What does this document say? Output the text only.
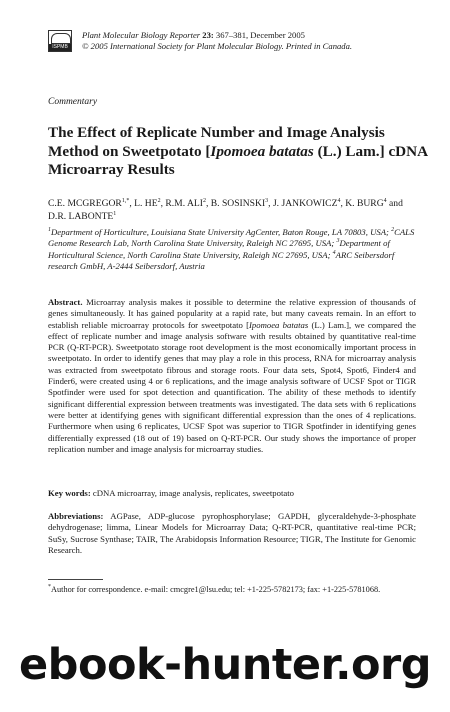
ISPMB
Plant Molecular Biology Reporter 23: 367–381, December 2005
© 2005 International Society for Plant Molecular Biology. Printed in Canada.
Commentary
The Effect of Replicate Number and Image Analysis Method on Sweetpotato [Ipomoea batatas (L.) Lam.] cDNA Microarray Results
C.E. $MCGREGOR^{1,*}$, L. $HE^2$, R.M. ALI$^2$, B. SOSINSKI$^3$, J. JANKOWICZ$^4$, K. BURG$^4$ and D.R. LABONTE$^1$
$^1$Department of Horticulture, Louisiana State University AgCenter, Baton Rouge, LA 70803, USA; $^2$CALS Genome Research Lab, North Carolina State University, Raleigh NC 27695, USA; $^3$Department of Horticultural Science, North Carolina State University, Raleigh NC 27695, USA; $^4$ARC Seibersdorf research GmbH, A-2444 Seibersdorf, Austria
Abstract. Microarray analysis makes it possible to determine the relative expression of thousands of genes simultaneously. It has gained popularity at a rapid rate, but many caveats remain. In an effort to establish reliable microarray protocols for sweetpotato [Ipomoea batatas (L.) Lam.], we compared the effect of replicate number and image analysis software with results obtained by quantitative real-time PCR (Q-RT-PCR). Sweetpotato storage root development is the most economically important process in sweetpotato. In order to identify genes that may play a role in this process, RNA for microarray analysis was extracted from sweetpotato fibrous and storage roots. Four data sets, Spot4, Spot6, Finder4 and Finder6, were created using 4 or 6 replications, and the image analysis software of UCSF Spot or TIGR Spotfinder were used for spot detection and quantification. The ability of these methods to identify significant differential expression between treatments was investigated. The data sets with 6 replications were better at identifying genes with significant differential expression than the ones of 4 replications. Furthermore when using 6 replicates, UCSF Spot was superior to TIGR Spotfinder in identifying genes differentially expressed (18 out of 19) based on Q-RT-PCR. Our study shows the importance of proper replication number and image analysis for microarray studies.
Key words: cDNA microarray, image analysis, replicates, sweetpotato
Abbreviations: AGPase, ADP-glucose pyrophosphorylase; GAPDH, glyceraldehyde-3-phosphate dehydrogenase; limma, Linear Models for Microarray Data; Q-RT-PCR, quantitative real-time PCR; SuSy, Sucrose Synthase; TAIR, The Arabidopsis Information Resource; TIGR, The Institute for Genomic Research.
*Author for correspondence. e-mail: cmcgre1@lsu.edu; tel: +1-225-5782173; fax: +1-225-5781068.
ebook-hunter.org
